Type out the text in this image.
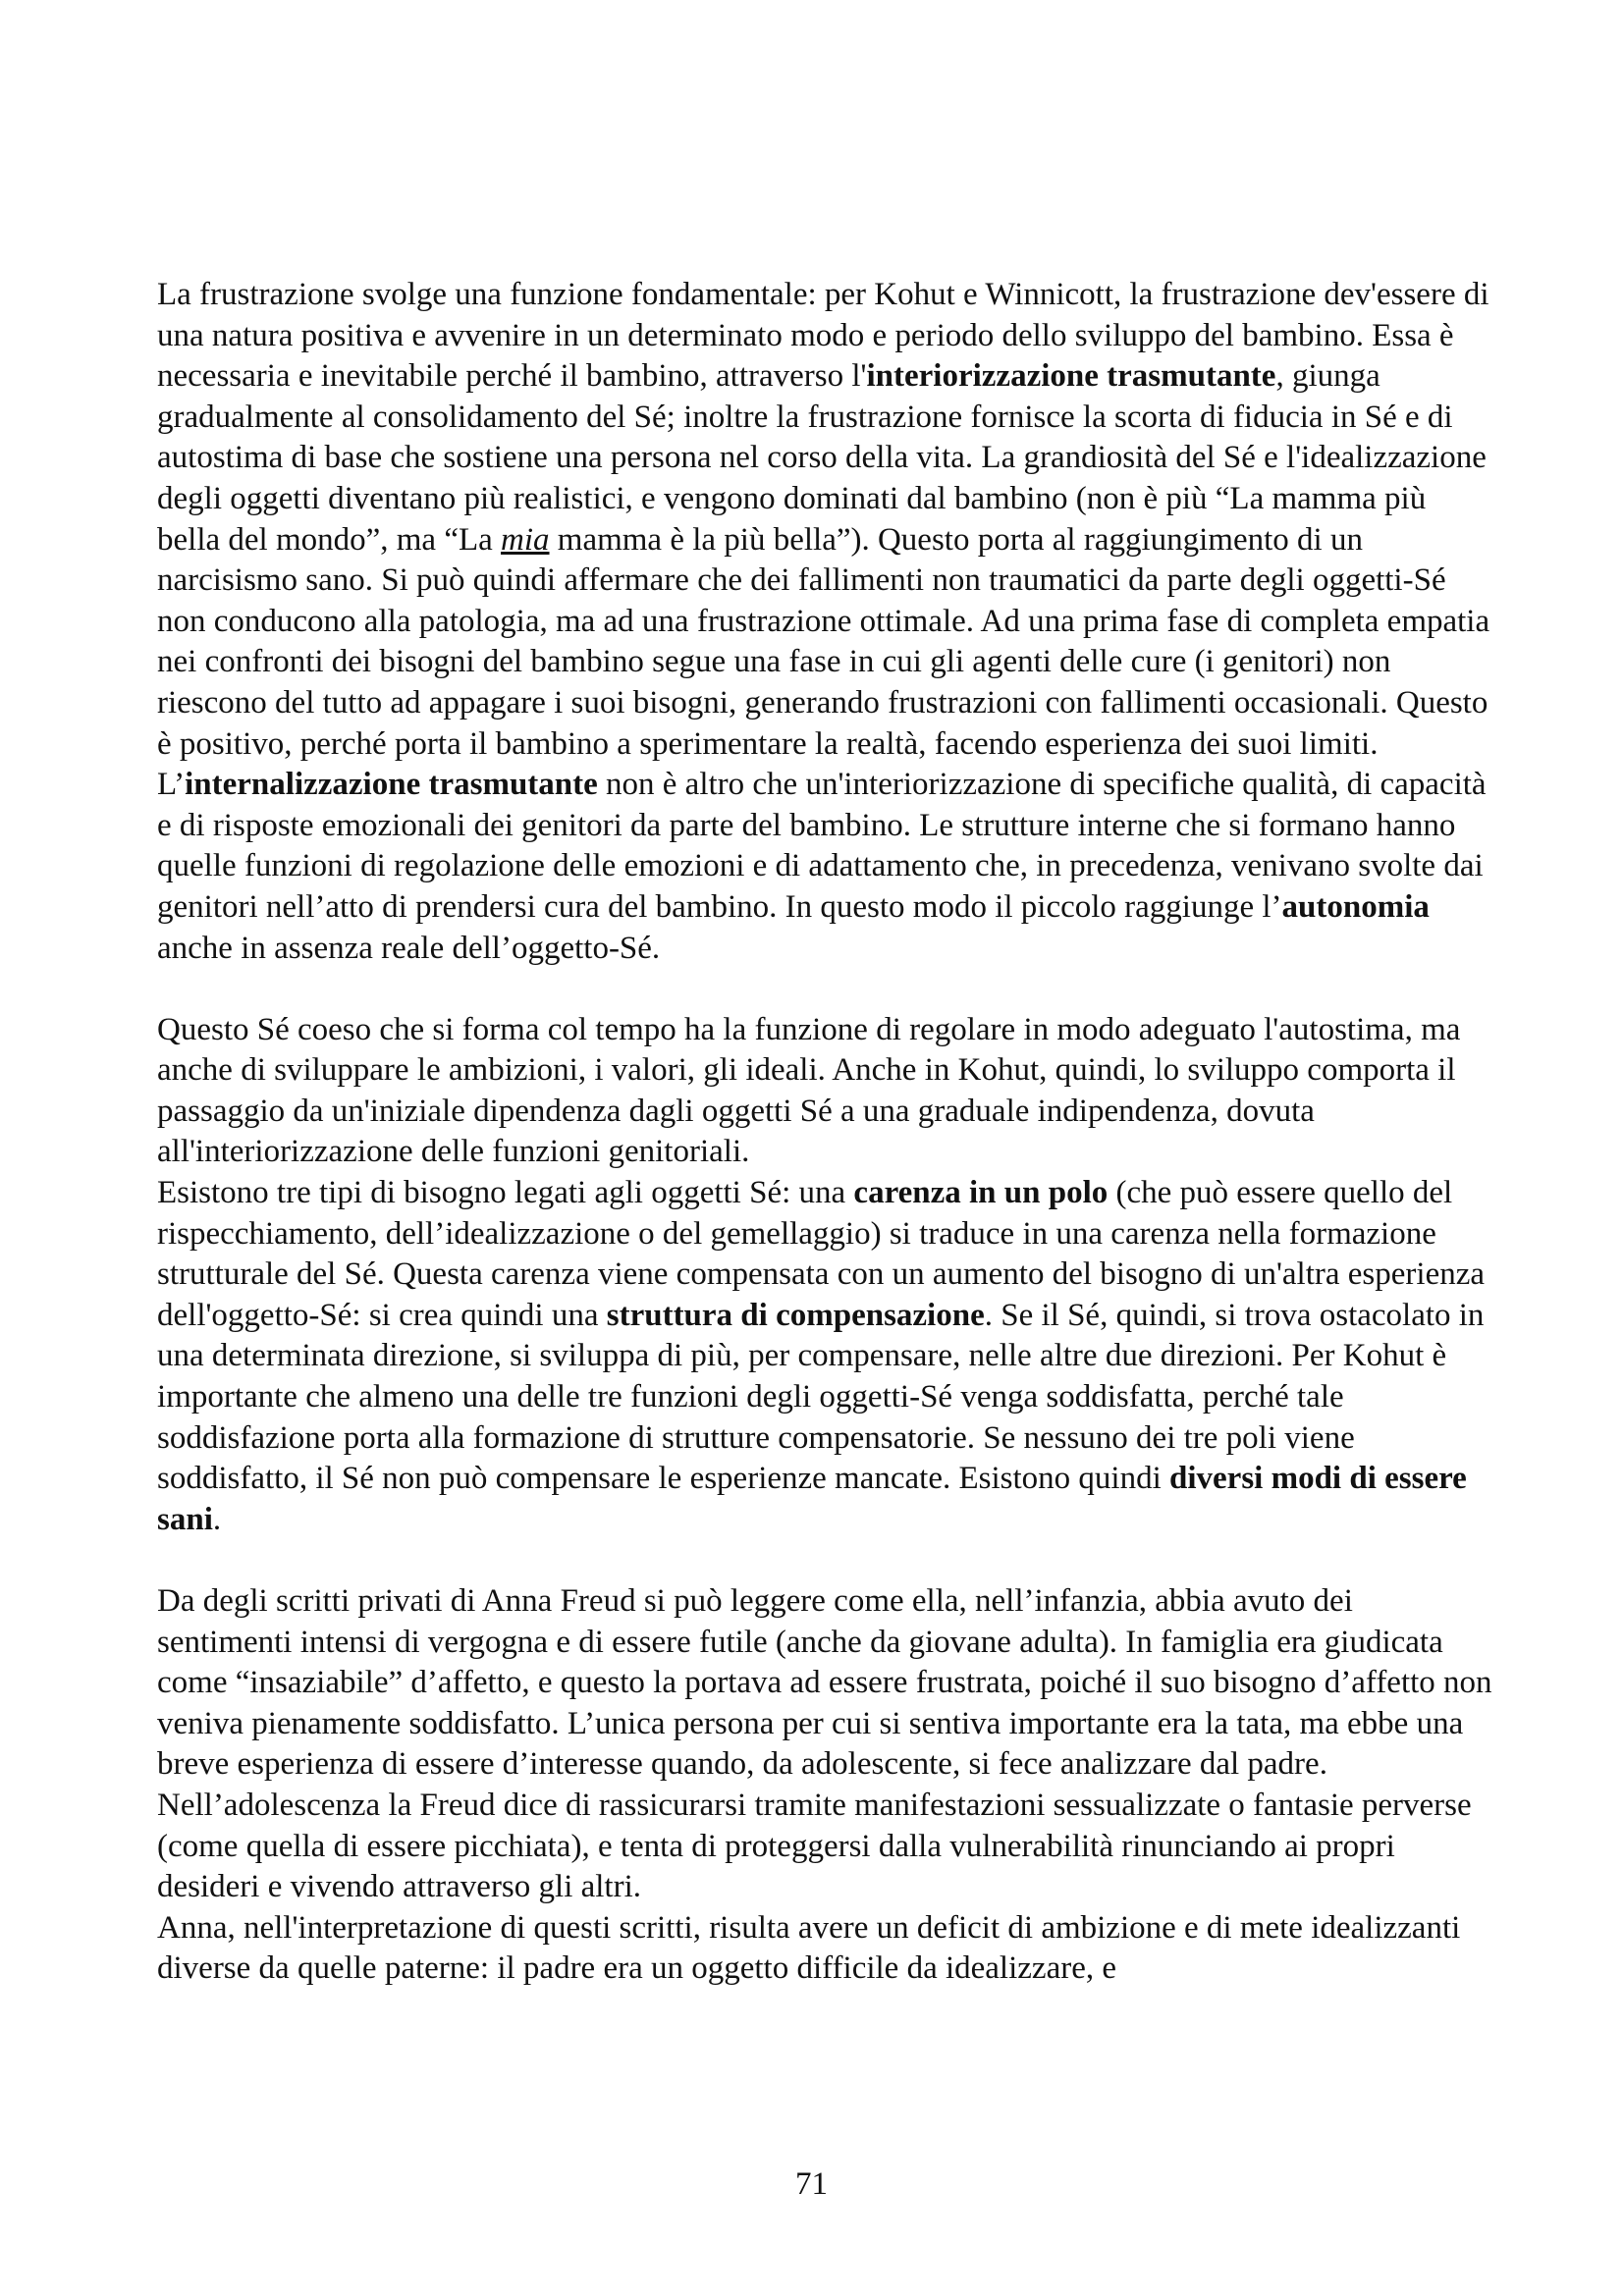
La frustrazione svolge una funzione fondamentale: per Kohut e Winnicott, la frustrazione dev'essere di una natura positiva e avvenire in un determinato modo e periodo dello sviluppo del bambino. Essa è necessaria e inevitabile perché il bambino, attraverso l'interiorizzazione trasmutante, giunga gradualmente al consolidamento del Sé; inoltre la frustrazione fornisce la scorta di fiducia in Sé e di autostima di base che sostiene una persona nel corso della vita. La grandiosità del Sé e l'idealizzazione degli oggetti diventano più realistici, e vengono dominati dal bambino (non è più “La mamma più bella del mondo”, ma “La mia mamma è la più bella”). Questo porta al raggiungimento di un narcisismo sano. Si può quindi affermare che dei fallimenti non traumatici da parte degli oggetti-Sé non conducono alla patologia, ma ad una frustrazione ottimale. Ad una prima fase di completa empatia nei confronti dei bisogni del bambino segue una fase in cui gli agenti delle cure (i genitori) non riescono del tutto ad appagare i suoi bisogni, generando frustrazioni con fallimenti occasionali. Questo è positivo, perché porta il bambino a sperimentare la realtà, facendo esperienza dei suoi limiti.

L’internalizzazione trasmutante non è altro che un'interiorizzazione di specifiche qualità, di capacità e di risposte emozionali dei genitori da parte del bambino. Le strutture interne che si formano hanno quelle funzioni di regolazione delle emozioni e di adattamento che, in precedenza, venivano svolte dai genitori nell’atto di prendersi cura del bambino. In questo modo il piccolo raggiunge l’autonomia anche in assenza reale dell’oggetto-Sé.

Questo Sé coeso che si forma col tempo ha la funzione di regolare in modo adeguato l'autostima, ma anche di sviluppare le ambizioni, i valori, gli ideali. Anche in Kohut, quindi, lo sviluppo comporta il passaggio da un'iniziale dipendenza dagli oggetti Sé a una graduale indipendenza, dovuta all'interiorizzazione delle funzioni genitoriali.

Esistono tre tipi di bisogno legati agli oggetti Sé: una carenza in un polo (che può essere quello del rispecchiamento, dell’idealizzazione o del gemellaggio) si traduce in una carenza nella formazione strutturale del Sé. Questa carenza viene compensata con un aumento del bisogno di un'altra esperienza dell'oggetto-Sé: si crea quindi una struttura di compensazione. Se il Sé, quindi, si trova ostacolato in una determinata direzione, si sviluppa di più, per compensare, nelle altre due direzioni. Per Kohut è importante che almeno una delle tre funzioni degli oggetti-Sé venga soddisfatta, perché tale soddisfazione porta alla formazione di strutture compensatorie. Se nessuno dei tre poli viene soddisfatto, il Sé non può compensare le esperienze mancate. Esistono quindi diversi modi di essere sani.

Da degli scritti privati di Anna Freud si può leggere come ella, nell’infanzia, abbia avuto dei sentimenti intensi di vergogna e di essere futile (anche da giovane adulta). In famiglia era giudicata come “insaziabile” d’affetto, e questo la portava ad essere frustrata, poiché il suo bisogno d’affetto non veniva pienamente soddisfatto. L’unica persona per cui si sentiva importante era la tata, ma ebbe una breve esperienza di essere d’interesse quando, da adolescente, si fece analizzare dal padre. Nell’adolescenza la Freud dice di rassicurarsi tramite manifestazioni sessualizzate o fantasie perverse (come quella di essere picchiata), e tenta di proteggersi dalla vulnerabilità rinunciando ai propri desideri e vivendo attraverso gli altri.

Anna, nell'interpretazione di questi scritti, risulta avere un deficit di ambizione e di mete idealizzanti diverse da quelle paterne: il padre era un oggetto difficile da idealizzare, e

71
